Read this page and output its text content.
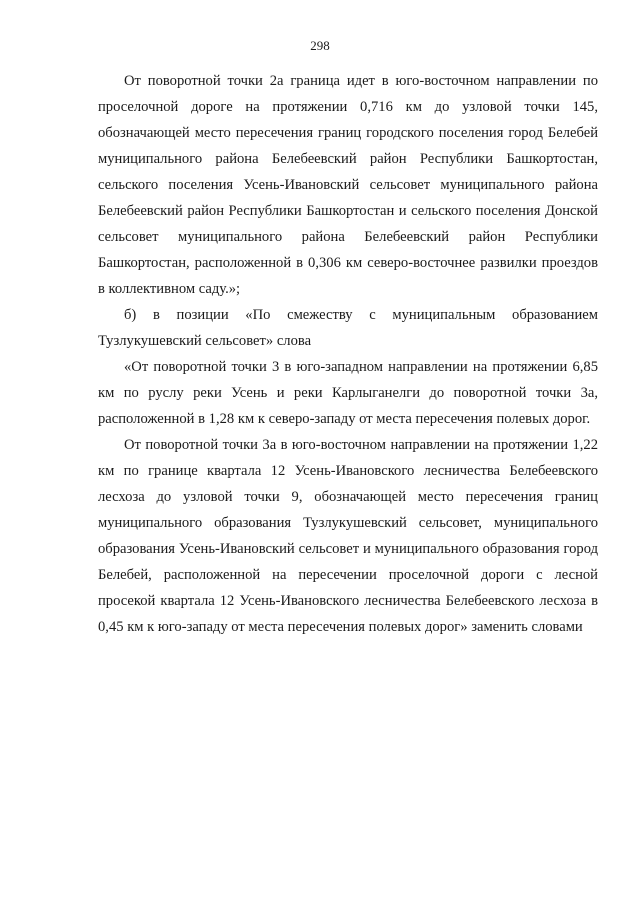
298

От поворотной точки 2а граница идет в юго-восточном направлении по проселочной дороге на протяжении 0,716 км до узловой точки 145, обозначающей место пересечения границ городского поселения город Белебей муниципального района Белебеевский район Республики Башкортостан, сельского поселения Усень-Ивановский сельсовет муниципального района Белебеевский район Республики Башкортостан и сельского поселения Донской сельсовет муниципального района Белебеевский район Республики Башкортостан, расположенной в 0,306 км северо-восточнее развилки проездов в коллективном саду.»;

б) в позиции «По смежеству с муниципальным образованием Тузлукушевский сельсовет» слова

«От поворотной точки 3 в юго-западном направлении на протяжении 6,85 км по руслу реки Усень и реки Карлыганелги до поворотной точки 3а, расположенной в 1,28 км к северо-западу от места пересечения полевых дорог.

От поворотной точки 3а в юго-восточном направлении на протяжении 1,22 км по границе квартала 12 Усень-Ивановского лесничества Белебеевского лесхоза до узловой точки 9, обозначающей место пересечения границ муниципального образования Тузлукушевский сельсовет, муниципального образования Усень-Ивановский сельсовет и муниципального образования город Белебей, расположенной на пересечении проселочной дороги с лесной просекой квартала 12 Усень-Ивановского лесничества Белебеевского лесхоза в 0,45 км к юго-западу от места пересечения полевых дорог» заменить словами
